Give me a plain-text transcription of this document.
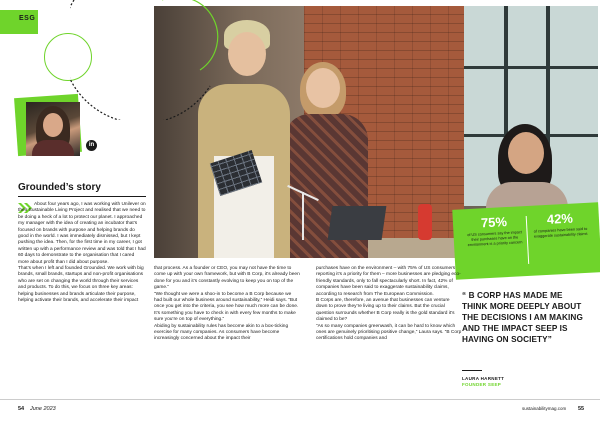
ESG
in
Grounded’s story
About four years ago, I was working with Unilever on their Sustainable Living Project and realised that we need to be doing a heck of a lot to protect our planet. I approached my manager with the idea of creating an incubator that’s focused on brands with purpose and helping brands do good in the world. I was immediately dismissed, but I kept pushing the idea. Then, for the first time in my career, I got written up with a performance review and was told that I had 60 days to demonstrate to the organisation that I cared more about profit than I did about purpose.
That’s when I left and founded Grounded. We work with big brands, small brands, startups and non-profit organisations who are set on changing the world through their services and products. To do this, we focus on three key areas: helping businesses and brands articulate their purpose, helping activate their brands, and accelerate their impact
75%
of US consumers say the impact their purchases have on the environment is a priority concern
42%
of companies have been said to exaggerate sustainability claims
that process. As a founder or CEO, you may not have the time to come up with your own framework, but with B Corp, it’s already been done for you and it’s constantly evolving to keep you on top of the game.”
“We thought we were a shoo-in to become a B Corp because we had built our whole business around sustainability,” Heidi says. “But once you get into the criteria, you see how much more can be done. It’s something you have to check in with every few months to make sure you’re on top of everything.”
Abiding by sustainability rules has become akin to a box-ticking exercise for many companies. As consumers have become increasingly concerned about the impact their
purchases have on the environment – with 75% of US consumers reporting it’s a priority for them – more businesses are pledging eco-friendly standards, only to fall spectacularly short. In fact, 42% of companies have been said to exaggerate sustainability claims, according to research from The European Commission.
B Corps are, therefore, an avenue that businesses can venture down to prove they’re living up to their claims. But the crucial question surrounds whether B Corp really is the gold standard it’s claimed to be?
“As so many companies greenwash, it can be hard to know which ones are genuinely prioritising positive change,” Laura says. “B Corp certifications hold companies and
“ B CORP HAS MADE ME THINK MORE DEEPLY ABOUT THE DECISIONS I AM MAKING AND THE IMPACT SEEP IS HAVING ON SOCIETY”
LAURA HARNETT
FOUNDER SEEP
54 June 2023	sustainabilitymag.com 55
